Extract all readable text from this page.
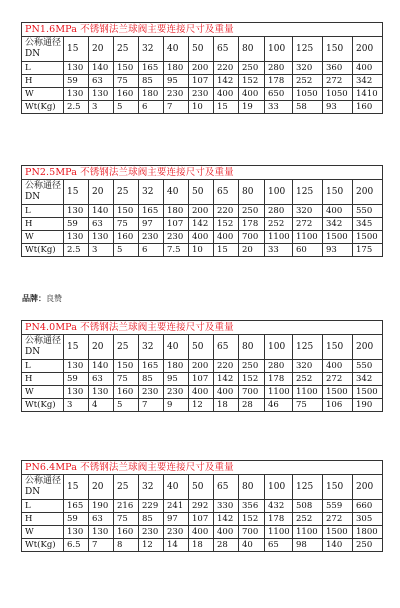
PN1.6MPa 不锈钢法兰球阀主要连接尺寸及重量												
公称通径 DN	15	20	25	32	40	50	65	80	100	125	150	200
L	130	140	150	165	180	200	220	250	280	320	360	400
H	59	63	75	85	95	107	142	152	178	252	272	342
W	130	130	160	180	230	230	400	400	650	1050	1050	1410
Wt(Kg)	2.5	3	5	6	7	10	15	19	33	58	93	160
PN2.5MPa 不锈钢法兰球阀主要连接尺寸及重量												
公称通径 DN	15	20	25	32	40	50	65	80	100	125	150	200
L	130	140	150	165	180	200	220	250	280	320	400	550
H	59	63	75	97	107	142	152	178	252	272	342	345
W	130	130	160	230	230	400	400	700	1100	1100	1500	1500
Wt(Kg)	2.5	3	5	6	7.5	10	15	20	33	60	93	175
品牌：良赞
PN4.0MPa 不锈钢法兰球阀主要连接尺寸及重量												
公称通径 DN	15	20	25	32	40	50	65	80	100	125	150	200
L	130	140	150	165	180	200	220	250	280	320	400	550
H	59	63	75	85	95	107	142	152	178	252	272	342
W	130	130	160	230	230	400	400	700	1100	1100	1500	1500
Wt(Kg)	3	4	5	7	9	12	18	28	46	75	106	190
PN6.4MPa 不锈钢法兰球阀主要连接尺寸及重量												
公称通径 DN	15	20	25	32	40	50	65	80	100	125	150	200
L	165	190	216	229	241	292	330	356	432	508	559	660
H	59	63	75	85	97	107	142	152	178	252	272	305
W	130	130	160	230	230	400	400	700	1100	1100	1500	1800
Wt(Kg)	6.5	7	8	12	14	18	28	40	65	98	140	250
